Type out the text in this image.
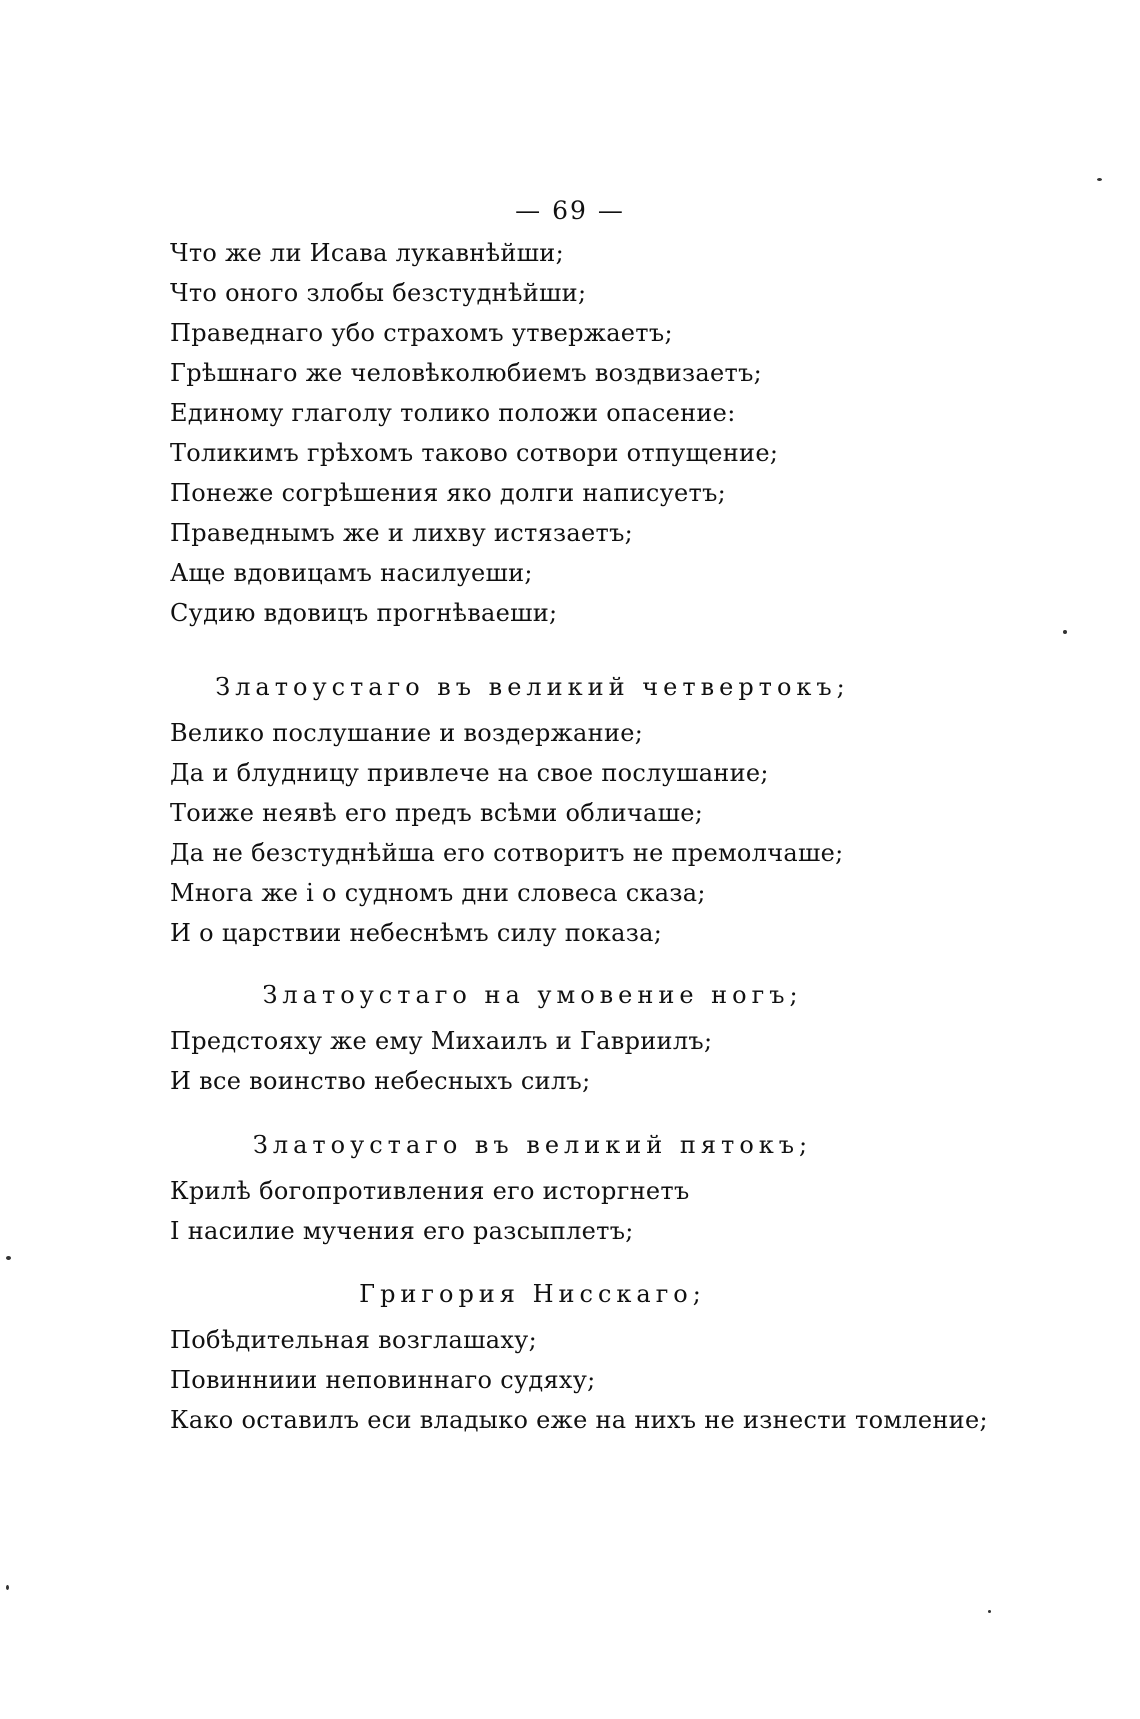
— 69 —
Что же ли Исава лукавнѣйши;
Что оного злобы безстуднѣйши;
Праведнаго убо страхомъ утвержаетъ;
Грѣшнаго же человѣколюбиемъ воздвизаетъ;
Единому глаголу толико положи опасение:
Толикимъ грѣхомъ таково сотвори отпущение;
Понеже согрѣшения яко долги написуетъ;
Праведнымъ же и лихву истязаетъ;
Аще вдовицамъ насилуеши;
Судию вдовицъ прогнѣваеши;
Златоустаго въ великий четвертокъ;
Велико послушание и воздержание;
Да и блудницу привлече на свое послушание;
Тоиже неявѣ его предъ всѣми обличаше;
Да не безстуднѣйша его сотворитъ не премолчаше;
Многа же і о судномъ дни словеса сказа;
И о царствии небеснѣмъ силу показа;
Златоустаго на умовение ногъ;
Предстояху же ему Михаилъ и Гавриилъ;
И все воинство небесныхъ силъ;
Златоустаго въ великий пятокъ;
Крилѣ богопротивления его исторгнетъ
І насилие мучения его разсыплетъ;
Григория Нисскаго;
Побѣдительная возглашаху;
Повинниии неповиннаго судяху;
Како оставилъ еси владыко еже на нихъ не изнести томление;
